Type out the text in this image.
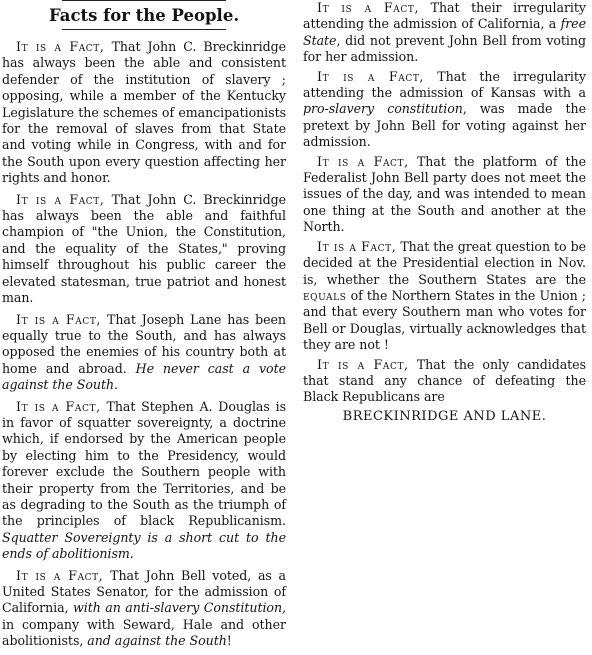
Facts for the People.

It is a Fact, That John C. Breckinridge has always been the able and consistent defender of the institution of slavery ; opposing, while a member of the Kentucky Legislature the schemes of emancipationists for the removal of slaves from that State and voting while in Congress, with and for the South upon every question affecting her rights and honor.

It is a Fact, That John C. Breckinridge has always been the able and faithful champion of "the Union, the Constitution, and the equality of the States," proving himself throughout his public career the elevated statesman, true patriot and honest man.

It is a Fact, That Joseph Lane has been equally true to the South, and has always opposed the enemies of his country both at home and abroad. He never cast a vote against the South.

It is a Fact, That Stephen A. Douglas is in favor of squatter sovereignty, a doctrine which, if endorsed by the American people by electing him to the Presidency, would forever exclude the Southern people with their property from the Territories, and be as degrading to the South as the triumph of the principles of black Republicanism. Squatter Sovereignty is a short cut to the ends of abolitionism.

It is a Fact, That John Bell voted, as a United States Senator, for the admission of California, with an anti-slavery Constitution, in company with Seward, Hale and other abolitionists, and against the South!

It is a Fact, That their irregularity attending the admission of California, a free State, did not prevent John Bell from voting for her admission.

It is a Fact, That the irregularity attending the admission of Kansas with a pro-slavery constitution, was made the pretext by John Bell for voting against her admission.

It is a Fact, That the platform of the Federalist John Bell party does not meet the issues of the day, and was intended to mean one thing at the South and another at the North.

It is a Fact, That the great question to be decided at the Presidential election in Nov. is, whether the Southern States are the equals of the Northern States in the Union ; and that every Southern man who votes for Bell or Douglas, virtually acknowledges that they are not !

It is a Fact, That the only candidates that stand any chance of defeating the Black Republicans are

BRECKINRIDGE AND LANE.
